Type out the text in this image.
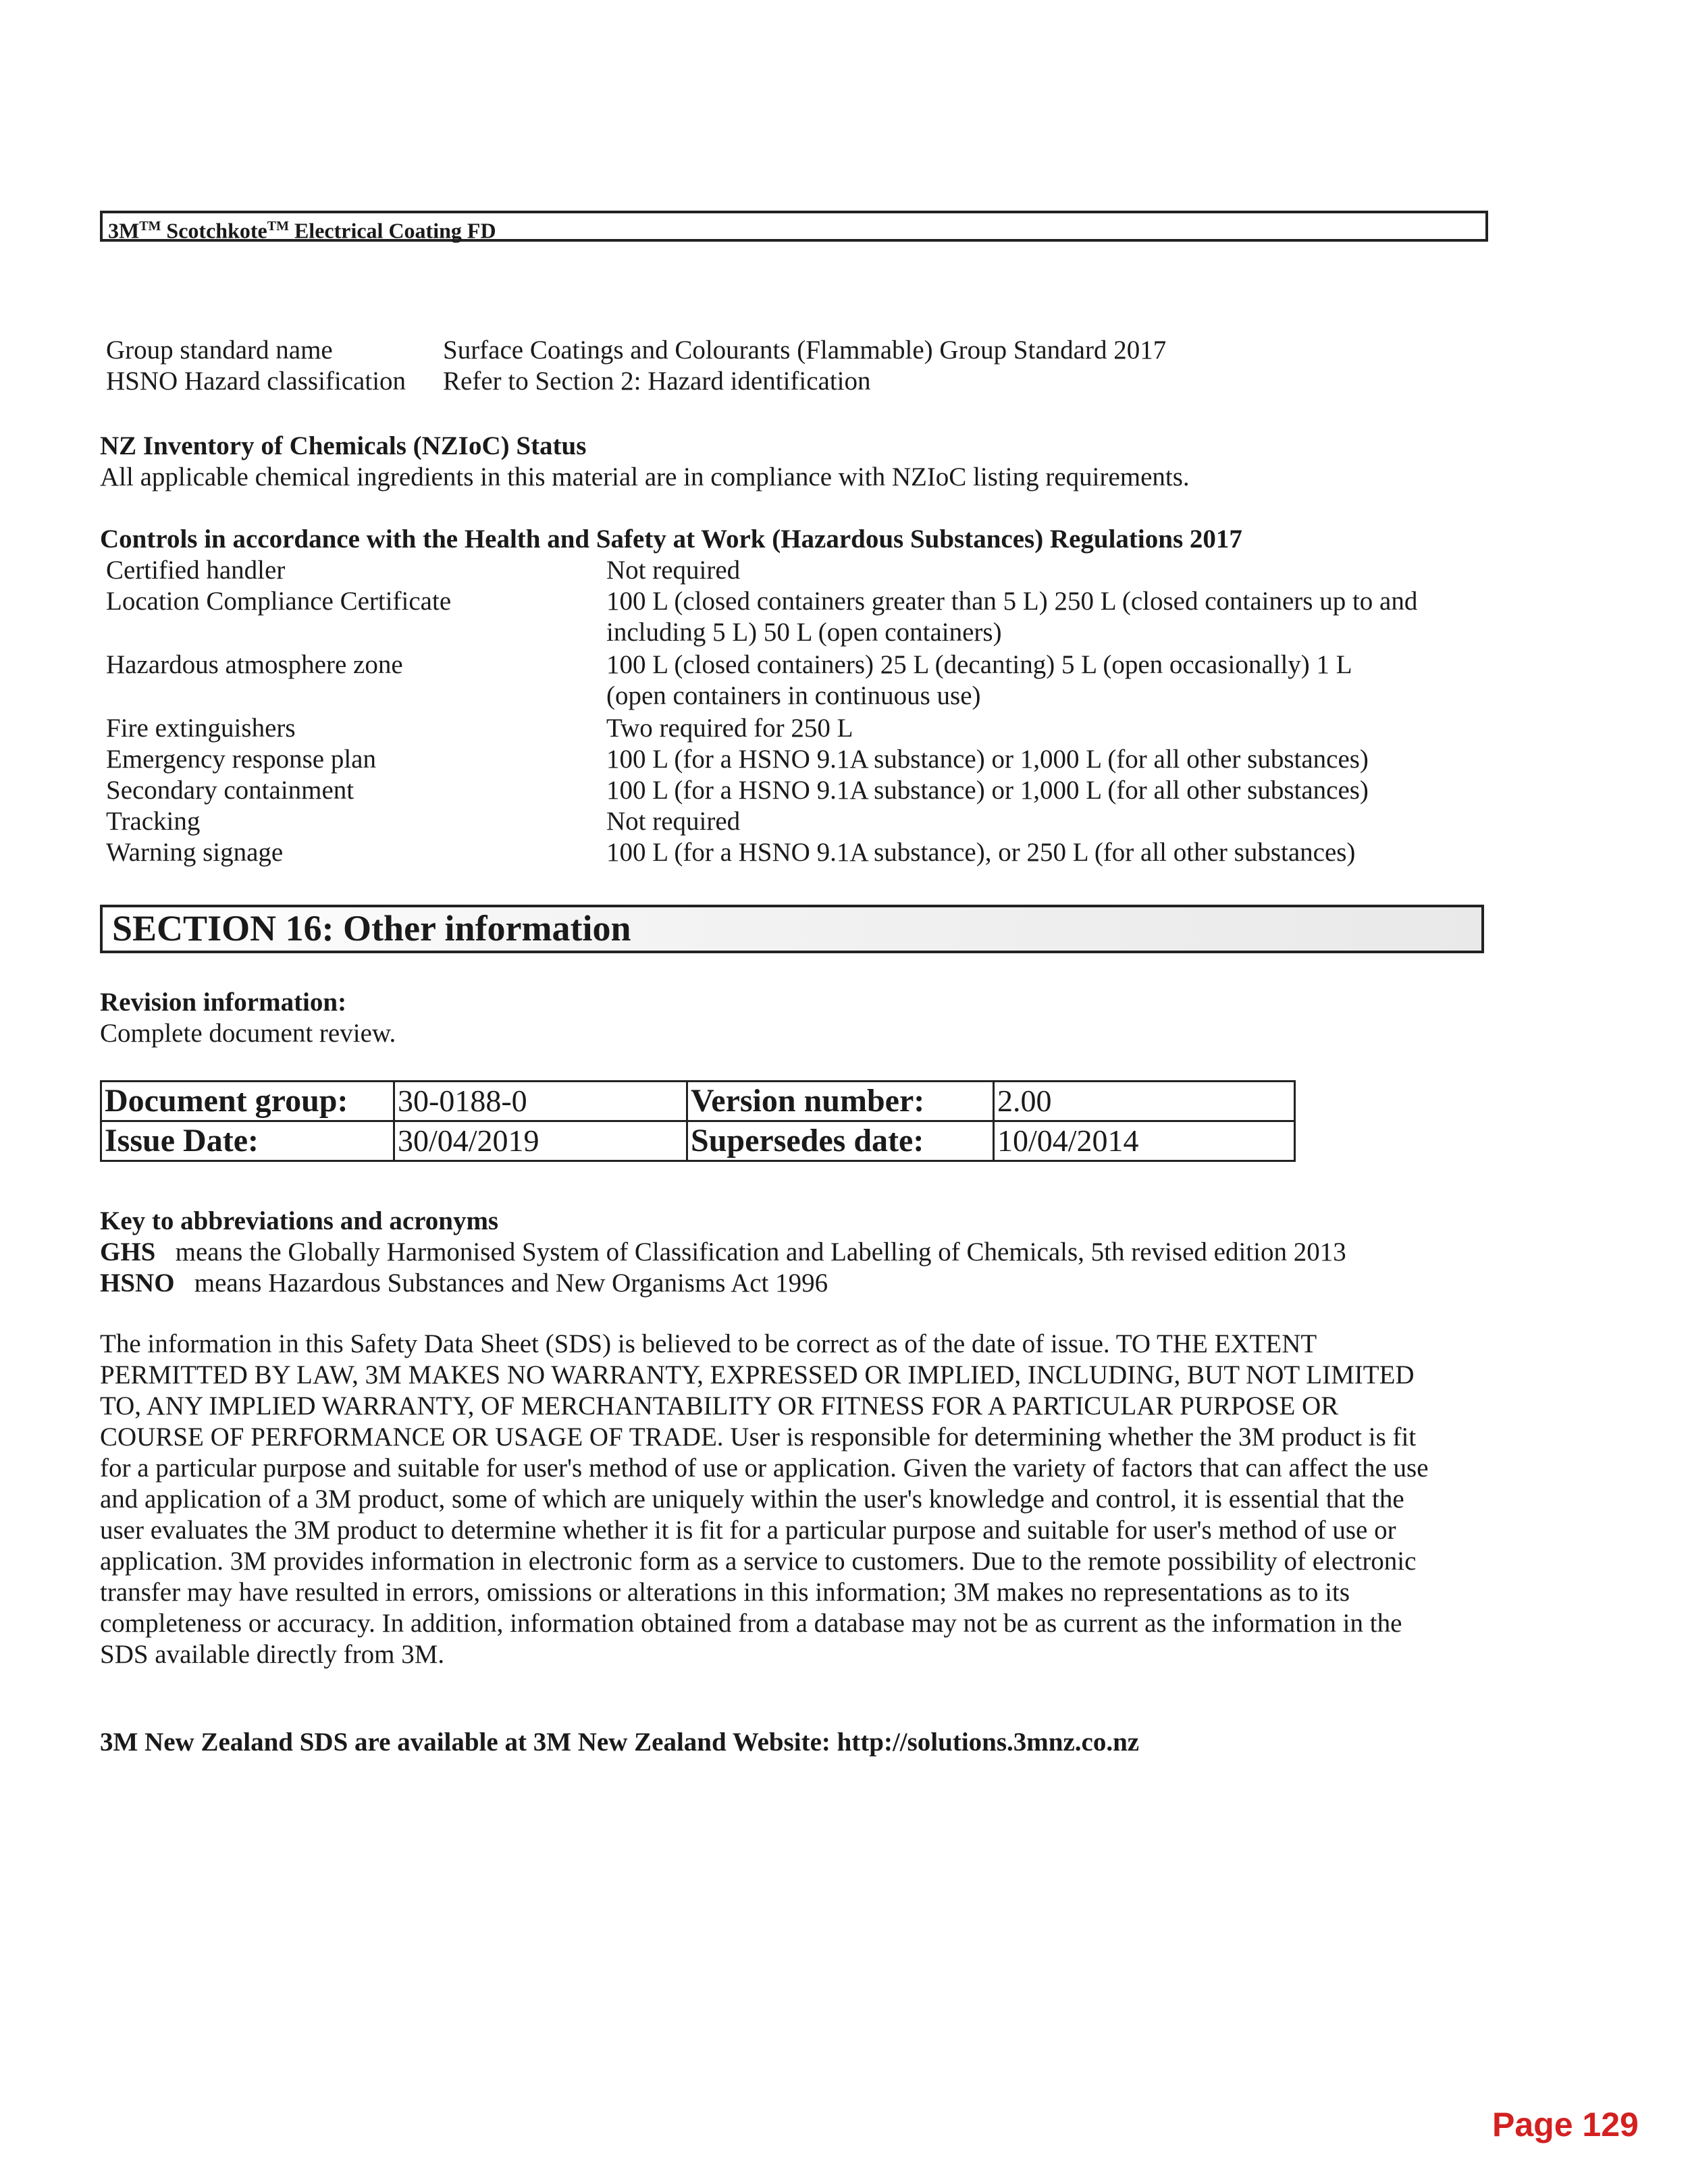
3M™ Scotchkote™ Electrical Coating FD
Group standard name	Surface Coatings and Colourants (Flammable) Group Standard 2017
HSNO Hazard classification Refer to Section 2: Hazard identification
NZ Inventory of Chemicals (NZIoC) Status
All applicable chemical ingredients in this material are in compliance with NZIoC listing requirements.
Controls in accordance with the Health and Safety at Work (Hazardous Substances) Regulations 2017
Certified handler	Not required
Location Compliance Certificate	100 L (closed containers greater than 5 L) 250 L (closed containers up to and
including 5 L) 50 L (open containers)
Hazardous atmosphere zone	100 L (closed containers) 25 L (decanting) 5 L (open occasionally) 1 L
(open containers in continuous use)
Fire extinguishers	Two required for 250 L
Emergency response plan	100 L (for a HSNO 9.1A substance) or 1,000 L (for all other substances)
Secondary containment	100 L (for a HSNO 9.1A substance) or 1,000 L (for all other substances)
Tracking	Not required
Warning signage	100 L (for a HSNO 9.1A substance), or 250 L (for all other substances)
SECTION 16: Other information
Revision information:
Complete document review.
Document group:	30-0188-0	Version number:	2.00
Issue Date:	30/04/2019	Supersedes date:	10/04/2014
Key to abbreviations and acronyms
GHS means the Globally Harmonised System of Classification and Labelling of Chemicals, 5th revised edition 2013
HSNO means Hazardous Substances and New Organisms Act 1996
The information in this Safety Data Sheet (SDS) is believed to be correct as of the date of issue. TO THE EXTENT
PERMITTED BY LAW, 3M MAKES NO WARRANTY, EXPRESSED OR IMPLIED, INCLUDING, BUT NOT LIMITED
TO, ANY IMPLIED WARRANTY, OF MERCHANTABILITY OR FITNESS FOR A PARTICULAR PURPOSE OR
COURSE OF PERFORMANCE OR USAGE OF TRADE. User is responsible for determining whether the 3M product is fit
for a particular purpose and suitable for user's method of use or application. Given the variety of factors that can affect the use
and application of a 3M product, some of which are uniquely within the user's knowledge and control, it is essential that the
user evaluates the 3M product to determine whether it is fit for a particular purpose and suitable for user's method of use or
application. 3M provides information in electronic form as a service to customers. Due to the remote possibility of electronic
transfer may have resulted in errors, omissions or alterations in this information; 3M makes no representations as to its
completeness or accuracy. In addition, information obtained from a database may not be as current as the information in the
SDS available directly from 3M.
3M New Zealand SDS are available at 3M New Zealand Website: http://solutions.3mnz.co.nz
Page 129
